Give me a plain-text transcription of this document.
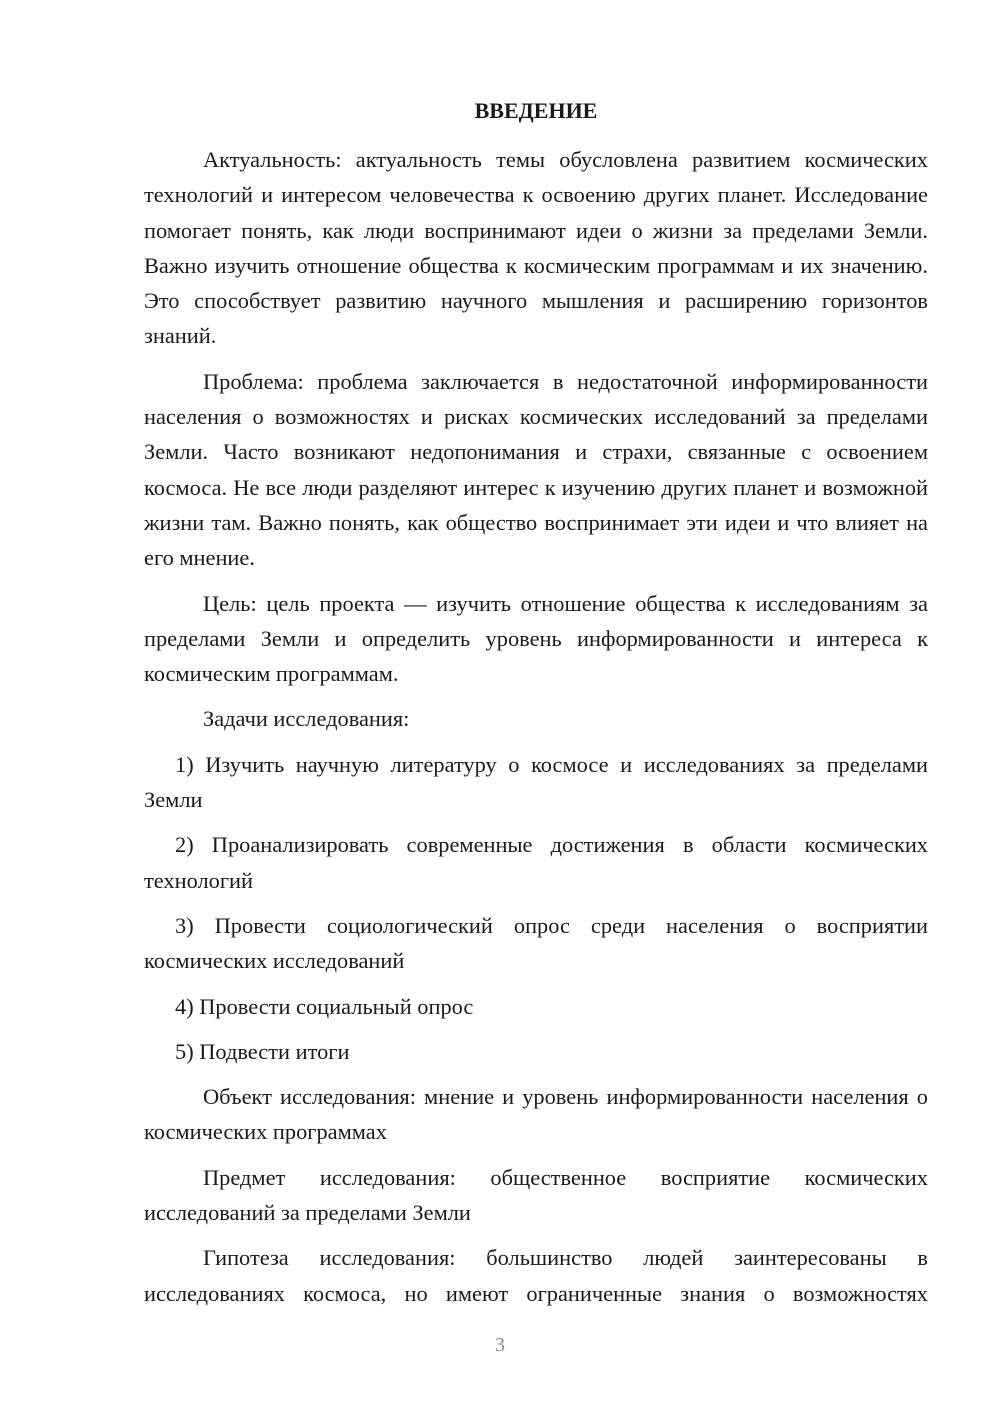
ВВЕДЕНИЕ

Актуальность: актуальность темы обусловлена развитием космических технологий и интересом человечества к освоению других планет. Исследование помогает понять, как люди воспринимают идеи о жизни за пределами Земли. Важно изучить отношение общества к космическим программам и их значению. Это способствует развитию научного мышления и расширению горизонтов знаний.

Проблема: проблема заключается в недостаточной информированности населения о возможностях и рисках космических исследований за пределами Земли. Часто возникают недопонимания и страхи, связанные с освоением космоса. Не все люди разделяют интерес к изучению других планет и возможной жизни там. Важно понять, как общество воспринимает эти идеи и что влияет на его мнение.

Цель: цель проекта — изучить отношение общества к исследованиям за пределами Земли и определить уровень информированности и интереса к космическим программам.

Задачи исследования:

1) Изучить научную литературу о космосе и исследованиях за пределами Земли

2) Проанализировать современные достижения в области космических технологий

3) Провести социологический опрос среди населения о восприятии космических исследований

4) Провести социальный опрос

5) Подвести итоги

Объект исследования: мнение и уровень информированности населения о космических программах

Предмет исследования: общественное восприятие космических исследований за пределами Земли

Гипотеза исследования: большинство людей заинтересованы в исследованиях космоса, но имеют ограниченные знания о возможностях

3
